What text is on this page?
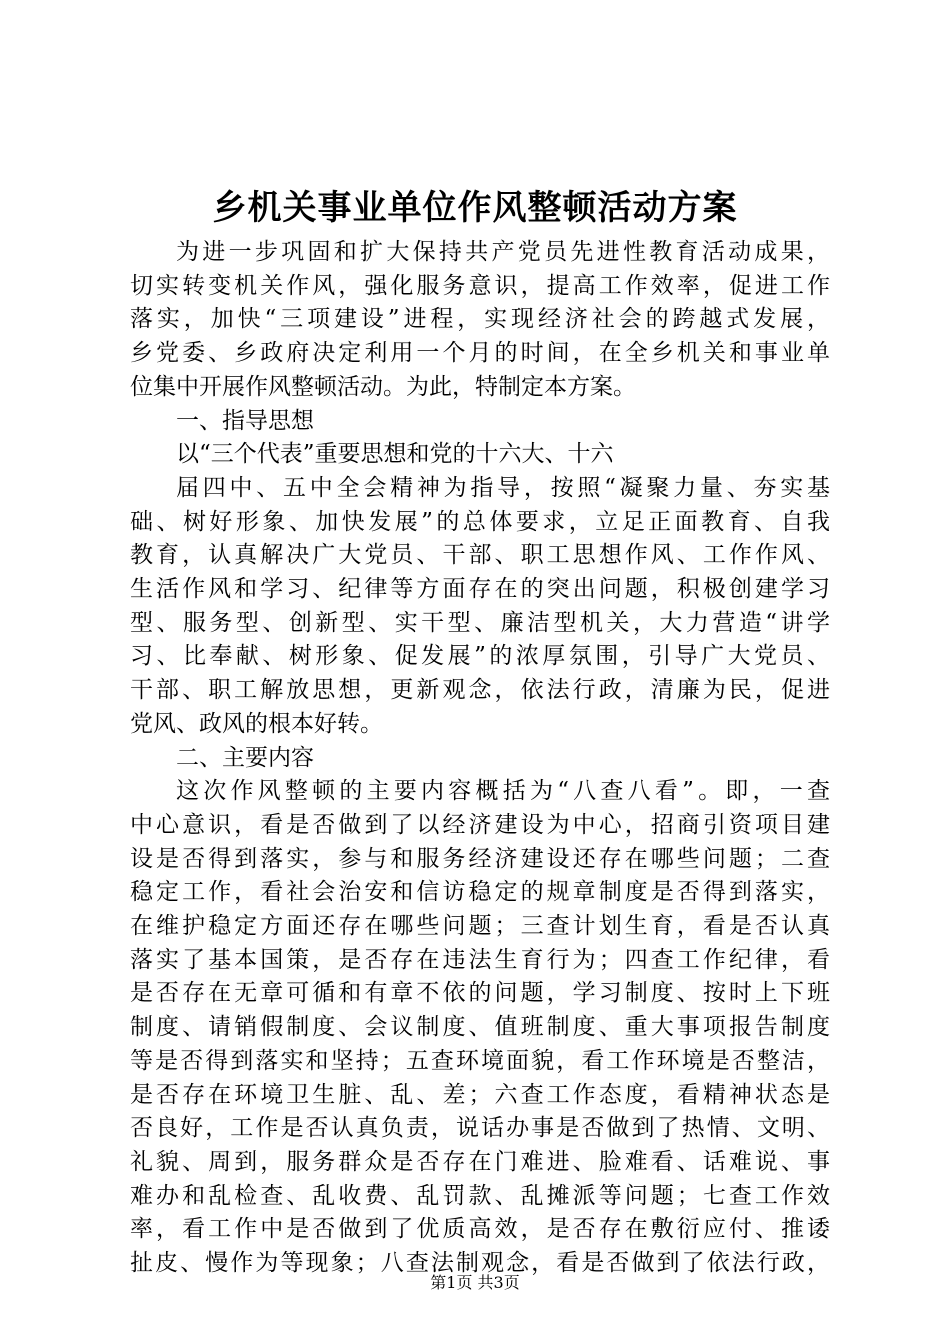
乡机关事业单位作风整顿活动方案
为进一步巩固和扩大保持共产党员先进性教育活动成果，
切实转变机关作风，强化服务意识，提高工作效率，促进工作
落实，加快“三项建设”进程，实现经济社会的跨越式发展，
乡党委、乡政府决定利用一个月的时间，在全乡机关和事业单
位集中开展作风整顿活动。为此，特制定本方案。
一、指导思想
以“三个代表”重要思想和党的十六大、十六
届四中、五中全会精神为指导，按照“凝聚力量、夯实基
础、树好形象、加快发展”的总体要求，立足正面教育、自我
教育，认真解决广大党员、干部、职工思想作风、工作作风、
生活作风和学习、纪律等方面存在的突出问题，积极创建学习
型、服务型、创新型、实干型、廉洁型机关，大力营造“讲学
习、比奉献、树形象、促发展”的浓厚氛围，引导广大党员、
干部、职工解放思想，更新观念，依法行政，清廉为民，促进
党风、政风的根本好转。
二、主要内容
这次作风整顿的主要内容概括为“八查八看”。即，一查
中心意识，看是否做到了以经济建设为中心，招商引资项目建
设是否得到落实，参与和服务经济建设还存在哪些问题；二查
稳定工作，看社会治安和信访稳定的规章制度是否得到落实，
在维护稳定方面还存在哪些问题；三查计划生育，看是否认真
落实了基本国策，是否存在违法生育行为；四查工作纪律，看
是否存在无章可循和有章不依的问题，学习制度、按时上下班
制度、请销假制度、会议制度、值班制度、重大事项报告制度
等是否得到落实和坚持；五查环境面貌，看工作环境是否整洁，
是否存在环境卫生脏、乱、差；六查工作态度，看精神状态是
否良好，工作是否认真负责，说话办事是否做到了热情、文明、
礼貌、周到，服务群众是否存在门难进、脸难看、话难说、事
难办和乱检查、乱收费、乱罚款、乱摊派等问题；七查工作效
率，看工作中是否做到了优质高效，是否存在敷衍应付、推诿
扯皮、慢作为等现象；八查法制观念，看是否做到了依法行政，
第1页 共3页
